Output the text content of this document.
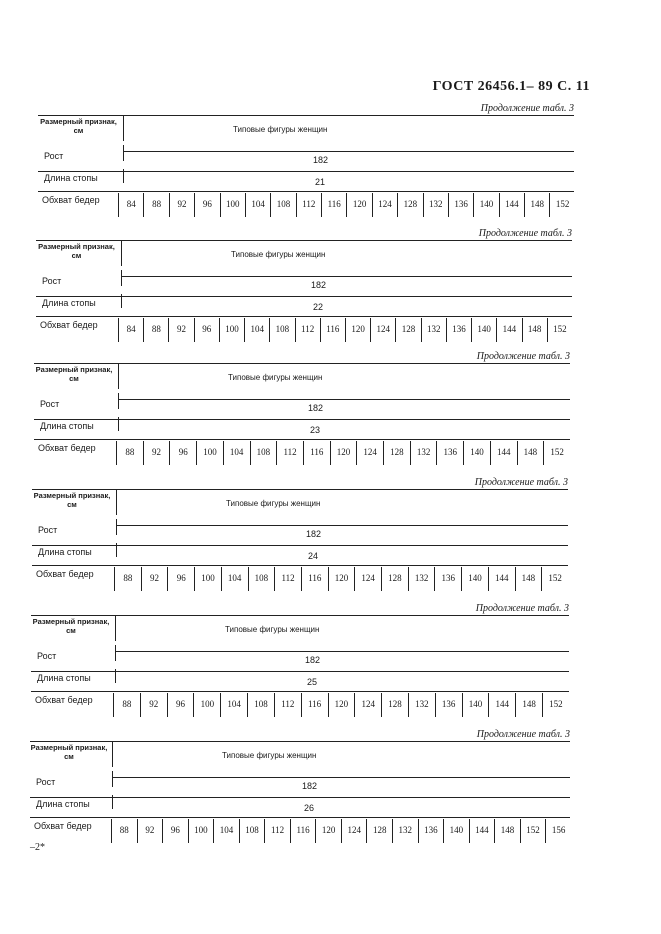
ГОСТ 26456.1– 89 С. 11
Продолжение табл. 3
Размерный признак, см	Типовые фигуры женщин
Рост	182
Длина стопы	21
Обхват бедер	84	88	92	96	100	104	108	112	116	120	124	128	132	136	140	144	148	152
Продолжение табл. 3
Размерный признак, см	Типовые фигуры женщин
Рост	182
Длина стопы	22
Обхват бедер	84	88	92	96	100	104	108	112	116	120	124	128	132	136	140	144	148	152
Продолжение табл. 3
Размерный признак, см	Типовые фигуры женщин
Рост	182
Длина стопы	23
Обхват бедер	88	92	96	100	104	108	112	116	120	124	128	132	136	140	144	148	152
Продолжение табл. 3
Размерный признак, см	Типовые фигуры женщин
Рост	182
Длина стопы	24
Обхват бедер	88	92	96	100	104	108	112	116	120	124	128	132	136	140	144	148	152
Продолжение табл. 3
Размерный признак, см	Типовые фигуры женщин
Рост	182
Длина стопы	25
Обхват бедер	88	92	96	100	104	108	112	116	120	124	128	132	136	140	144	148	152
Продолжение табл. 3
Размерный признак, см	Типовые фигуры женщин
Рост	182
Длина стопы	26
Обхват бедер	88	92	96	100	104	108	112	116	120	124	128	132	136	140	144	148	152	156
–2*
